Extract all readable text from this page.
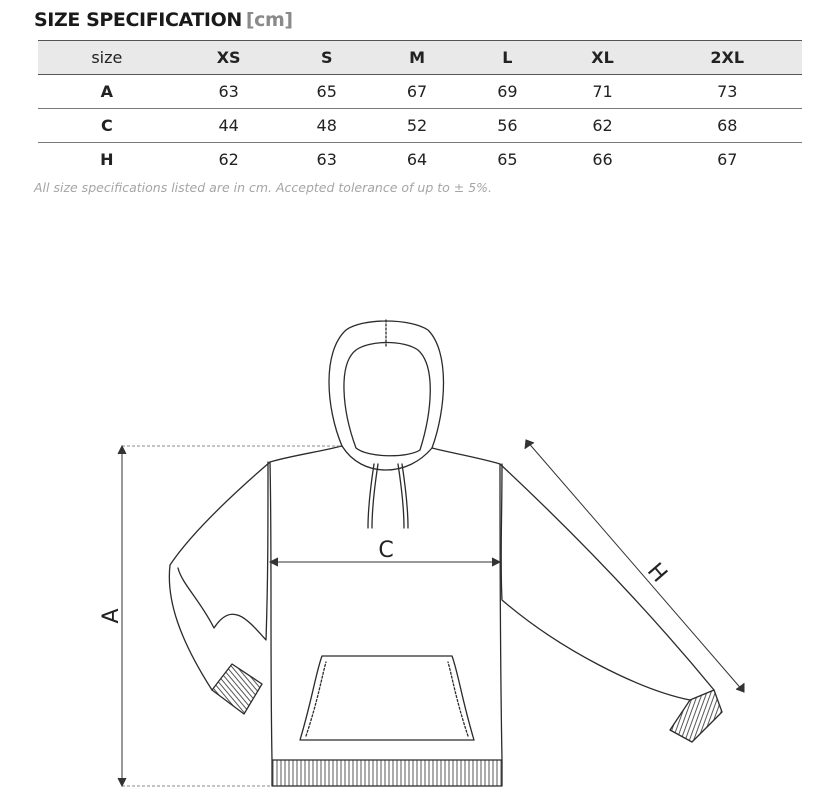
SIZE SPECIFICATION [cm]
size	XS	S	M	L	XL	2XL
A	63	65	67	69	71	73
C	44	48	52	56	62	68
H	62	63	64	65	66	67
All size specifications listed are in cm. Accepted tolerance of up to ± 5%.
A
C
H
